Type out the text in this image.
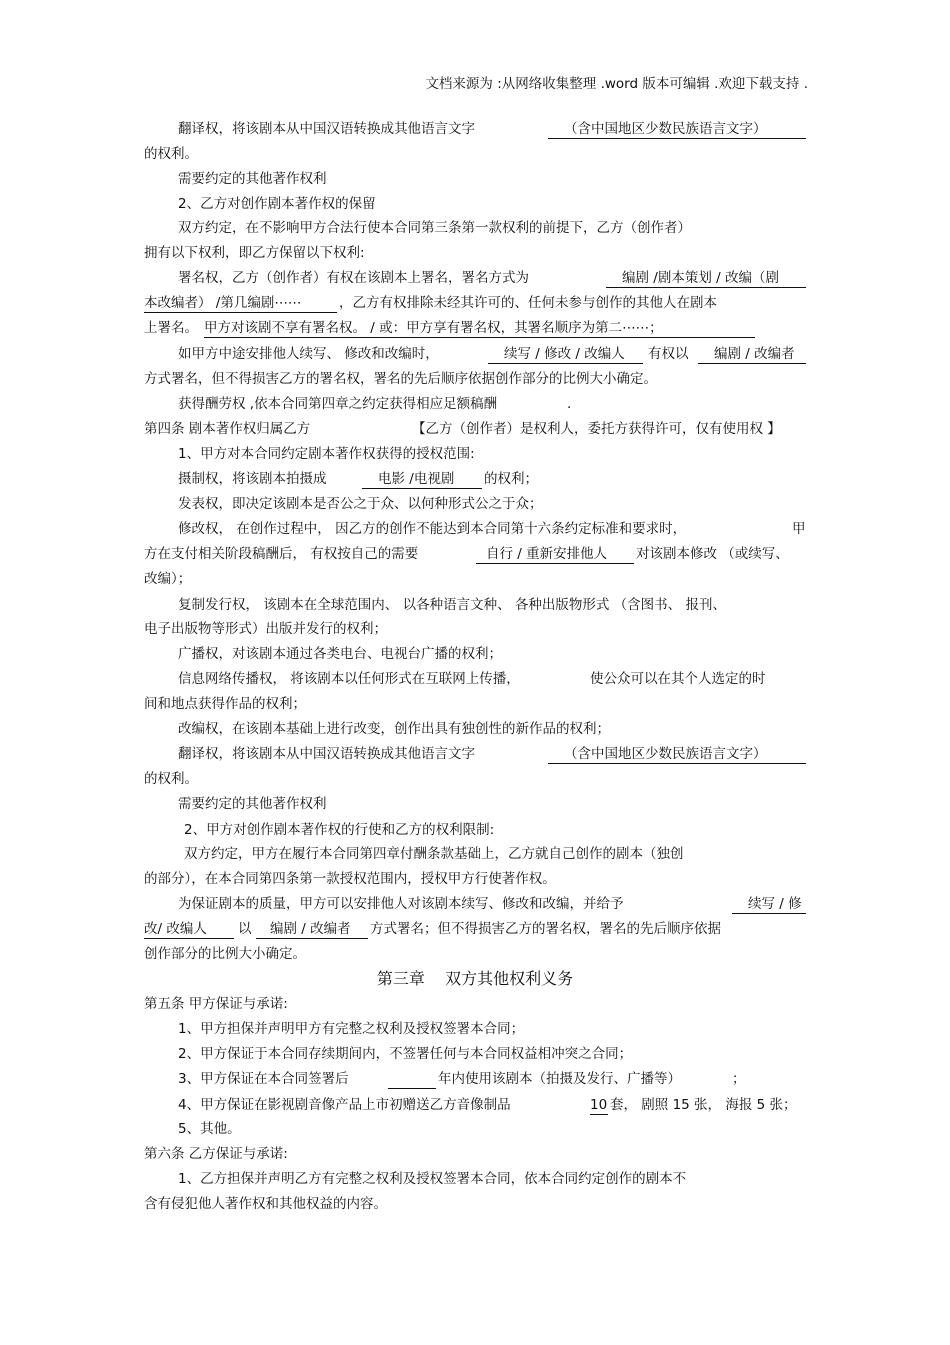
文档来源为 :从网络收集整理 .word 版本可编辑 .欢迎下载支持 .
翻译权，将该剧本从中国汉语转换成其他语言文字	（含中国地区少数民族语言文字）
的权利。
需要约定的其他著作权利
2、乙方对创作剧本著作权的保留
双方约定，在不影响甲方合法行使本合同第三条第一款权利的前提下，乙方（创作者）
拥有以下权利，即乙方保留以下权利:
署名权，乙方（创作者）有权在该剧本上署名，署名方式为	编剧 /剧本策划 / 改编（剧
本改编者） /第几编剧⋯⋯	，乙方有权排除未经其许可的、任何未参与创作的其他人在剧本
上署名。 甲方对该剧不享有署名权。 / 或：甲方享有署名权，其署名顺序为第二⋯⋯；
如甲方中途安排他人续写、 修改和改编时，	续写 / 修改 / 改编人 有权以 编剧 / 改编者
方式署名，但不得损害乙方的署名权，署名的先后顺序依据创作部分的比例大小确定。
获得酬劳权 ,依本合同第四章之约定获得相应足额稿酬	.
第四条 剧本著作权归属乙方	【乙方（创作者）是权利人，委托方获得许可，仅有使用权 】
1、甲方对本合同约定剧本著作权获得的授权范围:
摄制权，将该剧本拍摄成	电影 /电视剧 的权利；
发表权，即决定该剧本是否公之于众、以何种形式公之于众；
修改权， 在创作过程中， 因乙方的创作不能达到本合同第十六条约定标准和要求时，	甲
方在支付相关阶段稿酬后， 有权按自己的需要	自行 / 重新安排他人 对该剧本修改 （或续写、
改编）；
复制发行权， 该剧本在全球范围内、 以各种语言文种、 各种出版物形式 （含图书、 报刊、
电子出版物等形式）出版并发行的权利；
广播权，对该剧本通过各类电台、电视台广播的权利；
信息网络传播权， 将该剧本以任何形式在互联网上传播，	使公众可以在其个人选定的时
间和地点获得作品的权利；
改编权，在该剧本基础上进行改变，创作出具有独创性的新作品的权利；
翻译权，将该剧本从中国汉语转换成其他语言文字	（含中国地区少数民族语言文字）
的权利。
需要约定的其他著作权利
2、甲方对创作剧本著作权的行使和乙方的权利限制:
双方约定，甲方在履行本合同第四章付酬条款基础上，乙方就自己创作的剧本（独创
的部分），在本合同第四条第一款授权范围内，授权甲方行使著作权。
为保证剧本的质量，甲方可以安排他人对该剧本续写、修改和改编，并给予	续写 / 修
改/ 改编人 以 编剧 / 改编者 方式署名；但不得损害乙方的署名权，署名的先后顺序依据
创作部分的比例大小确定。
第三章    双方其他权利义务
第五条 甲方保证与承诺:
1、甲方担保并声明甲方有完整之权利及授权签署本合同；
2、甲方保证于本合同存续期间内，不签署任何与本合同权益相冲突之合同；
3、甲方保证在本合同签署后	年内使用该剧本（拍摄及发行、广播等）	；
4、甲方保证在影视剧音像产品上市初赠送乙方音像制品	10 套， 剧照 15 张， 海报 5 张；
5、其他。
第六条 乙方保证与承诺:
1、乙方担保并声明乙方有完整之权利及授权签署本合同，依本合同约定创作的剧本不
含有侵犯他人著作权和其他权益的内容。
